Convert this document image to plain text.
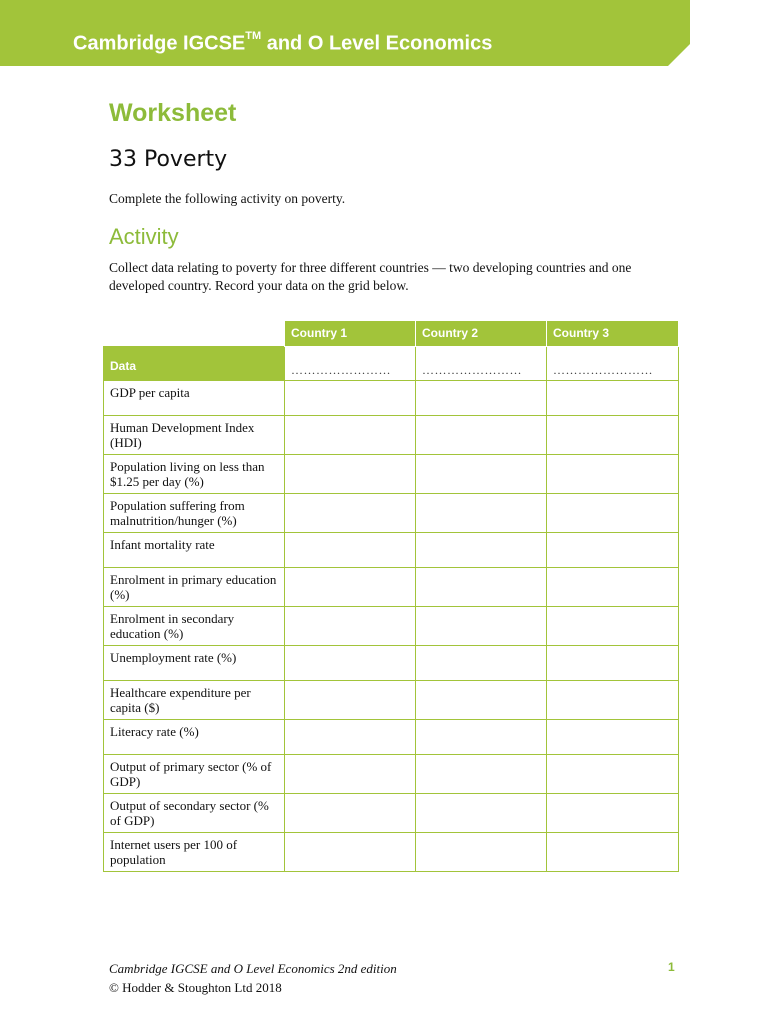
Cambridge IGCSE™ and O Level Economics
Worksheet
33 Poverty
Complete the following activity on poverty.
Activity
Collect data relating to poverty for three different countries — two developing countries and one developed country. Record your data on the grid below.
	Country 1	Country 2	Country 3
Data	……………………	……………………	……………………

GDP per capita			
Human Development Index (HDI)			
Population living on less than $1.25 per day (%)			
Population suffering from malnutrition/hunger (%)			
Infant mortality rate			
Enrolment in primary education (%)			
Enrolment in secondary education (%)			
Unemployment rate (%)			
Healthcare expenditure per capita ($)			
Literacy rate (%)			
Output of primary sector (% of GDP)			
Output of secondary sector (% of GDP)			
Internet users per 100 of population			
Cambridge IGCSE and O Level Economics 2nd edition
© Hodder & Stoughton Ltd 2018
1
